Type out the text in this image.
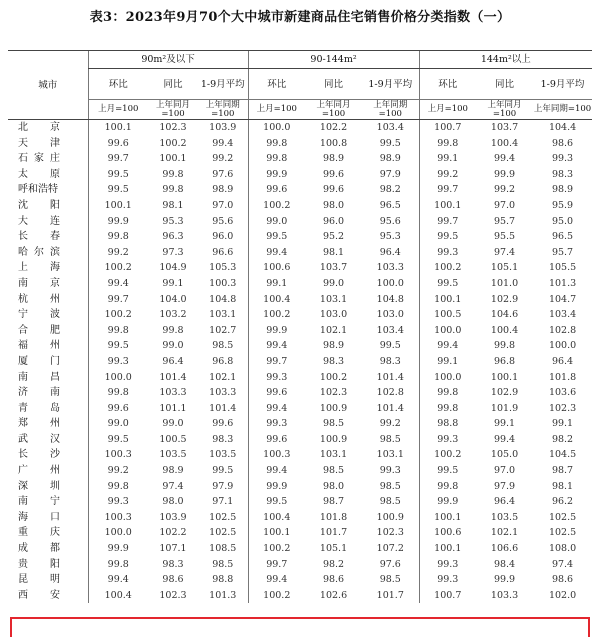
表3：2023年9月70个大中城市新建商品住宅销售价格分类指数（一）
城市	90m²及以下			90-144m²			144m²以上		
	环比	同比	1-9月平均	环比	同比	1-9月平均	环比	同比	1-9月平均
	上月=100	上年同月=100	上年同期=100	上月=100	上年同月=100	上年同期=100	上月=100	上年同月=100	上年同期=100
北京	100.1	102.3	103.9	100.0	102.2	103.4	100.7	103.7	104.4
天津	99.6	100.2	99.4	99.8	100.8	99.5	99.8	100.4	98.6
石家庄	99.7	100.1	99.2	99.8	98.9	98.9	99.1	99.4	99.3
太原	99.5	99.8	97.6	99.9	99.6	97.9	99.2	99.9	98.3
呼和浩特	99.5	99.8	98.9	99.6	99.6	98.2	99.7	99.2	98.9
沈阳	100.1	98.1	97.0	100.2	98.0	96.5	100.1	97.0	95.9
大连	99.9	95.3	95.6	99.0	96.0	95.6	99.7	95.7	95.0
长春	99.8	96.3	96.0	99.5	95.2	95.3	99.5	95.5	96.5
哈尔滨	99.2	97.3	96.6	99.4	98.1	96.4	99.3	97.4	95.7
上海	100.2	104.9	105.3	100.6	103.7	103.3	100.2	105.1	105.5
南京	99.4	99.1	100.3	99.1	99.0	100.0	99.5	101.0	101.3
杭州	99.7	104.0	104.8	100.4	103.1	104.8	100.1	102.9	104.7
宁波	100.2	103.2	103.1	100.2	103.0	103.0	100.5	104.6	103.4
合肥	99.8	99.8	102.7	99.9	102.1	103.4	100.0	100.4	102.8
福州	99.5	99.0	98.5	99.4	98.9	99.5	99.4	99.8	100.0
厦门	99.3	96.4	96.8	99.7	98.3	98.3	99.1	96.8	96.4
南昌	100.0	101.4	102.1	99.3	100.2	101.4	100.0	100.1	101.8
济南	99.8	103.3	103.3	99.6	102.3	102.8	99.8	102.9	103.6
青岛	99.6	101.1	101.4	99.4	100.9	101.4	99.8	101.9	102.3
郑州	99.0	99.0	99.6	99.3	98.5	99.2	98.8	99.1	99.1
武汉	99.5	100.5	98.3	99.6	100.9	98.5	99.3	99.4	98.2
长沙	100.3	103.5	103.5	100.3	103.1	103.1	100.2	105.0	104.5
广州	99.2	98.9	99.5	99.4	98.5	99.3	99.5	97.0	98.7
深圳	99.8	97.4	97.9	99.9	98.0	98.5	99.8	97.9	98.1
南宁	99.3	98.0	97.1	99.5	98.7	98.5	99.9	96.4	96.2
海口	100.3	103.9	102.5	100.4	101.8	100.9	100.1	103.5	102.5
重庆	100.0	102.2	102.5	100.1	101.7	102.3	100.6	102.1	102.5
成都	99.9	107.1	108.5	100.2	105.1	107.2	100.1	106.6	108.0
贵阳	99.8	98.3	98.5	99.7	98.2	97.6	99.3	98.4	97.4
昆明	99.4	98.6	98.8	99.4	98.6	98.5	99.3	99.9	98.6
西安	100.4	102.3	101.3	100.2	102.6	101.7	100.7	103.3	102.0
